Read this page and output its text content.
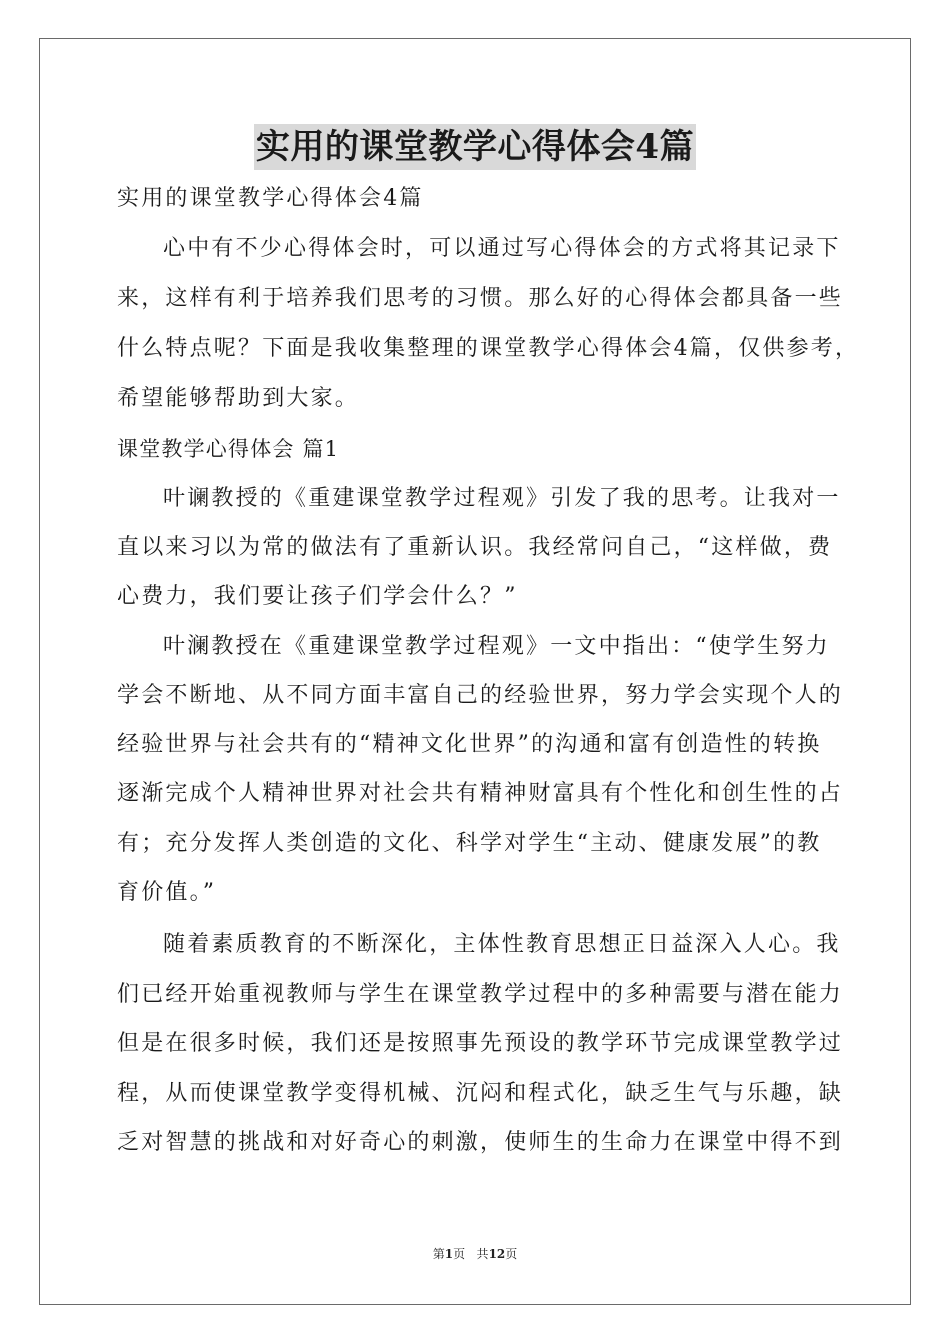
实用的课堂教学心得体会4篇

实用的课堂教学心得体会4篇

心中有不少心得体会时，可以通过写心得体会的方式将其记录下

来，这样有利于培养我们思考的习惯。那么好的心得体会都具备一些

什么特点呢？下面是我收集整理的课堂教学心得体会4篇，仅供参考，

希望能够帮助到大家。

课堂教学心得体会 篇1

叶谰教授的《重建课堂教学过程观》引发了我的思考。让我对一

直以来习以为常的做法有了重新认识。我经常问自己，“这样做，费

心费力，我们要让孩子们学会什么？”

叶澜教授在《重建课堂教学过程观》一文中指出：“使学生努力

学会不断地、从不同方面丰富自己的经验世界，努力学会实现个人的

经验世界与社会共有的“精神文化世界”的沟通和富有创造性的转换

逐渐完成个人精神世界对社会共有精神财富具有个性化和创生性的占

有；充分发挥人类创造的文化、科学对学生“主动、健康发展”的教

育价值。”

随着素质教育的不断深化，主体性教育思想正日益深入人心。我

们已经开始重视教师与学生在课堂教学过程中的多种需要与潜在能力

但是在很多时候，我们还是按照事先预设的教学环节完成课堂教学过

程，从而使课堂教学变得机械、沉闷和程式化，缺乏生气与乐趣，缺

乏对智慧的挑战和对好奇心的刺激，使师生的生命力在课堂中得不到

第1页 共12页
